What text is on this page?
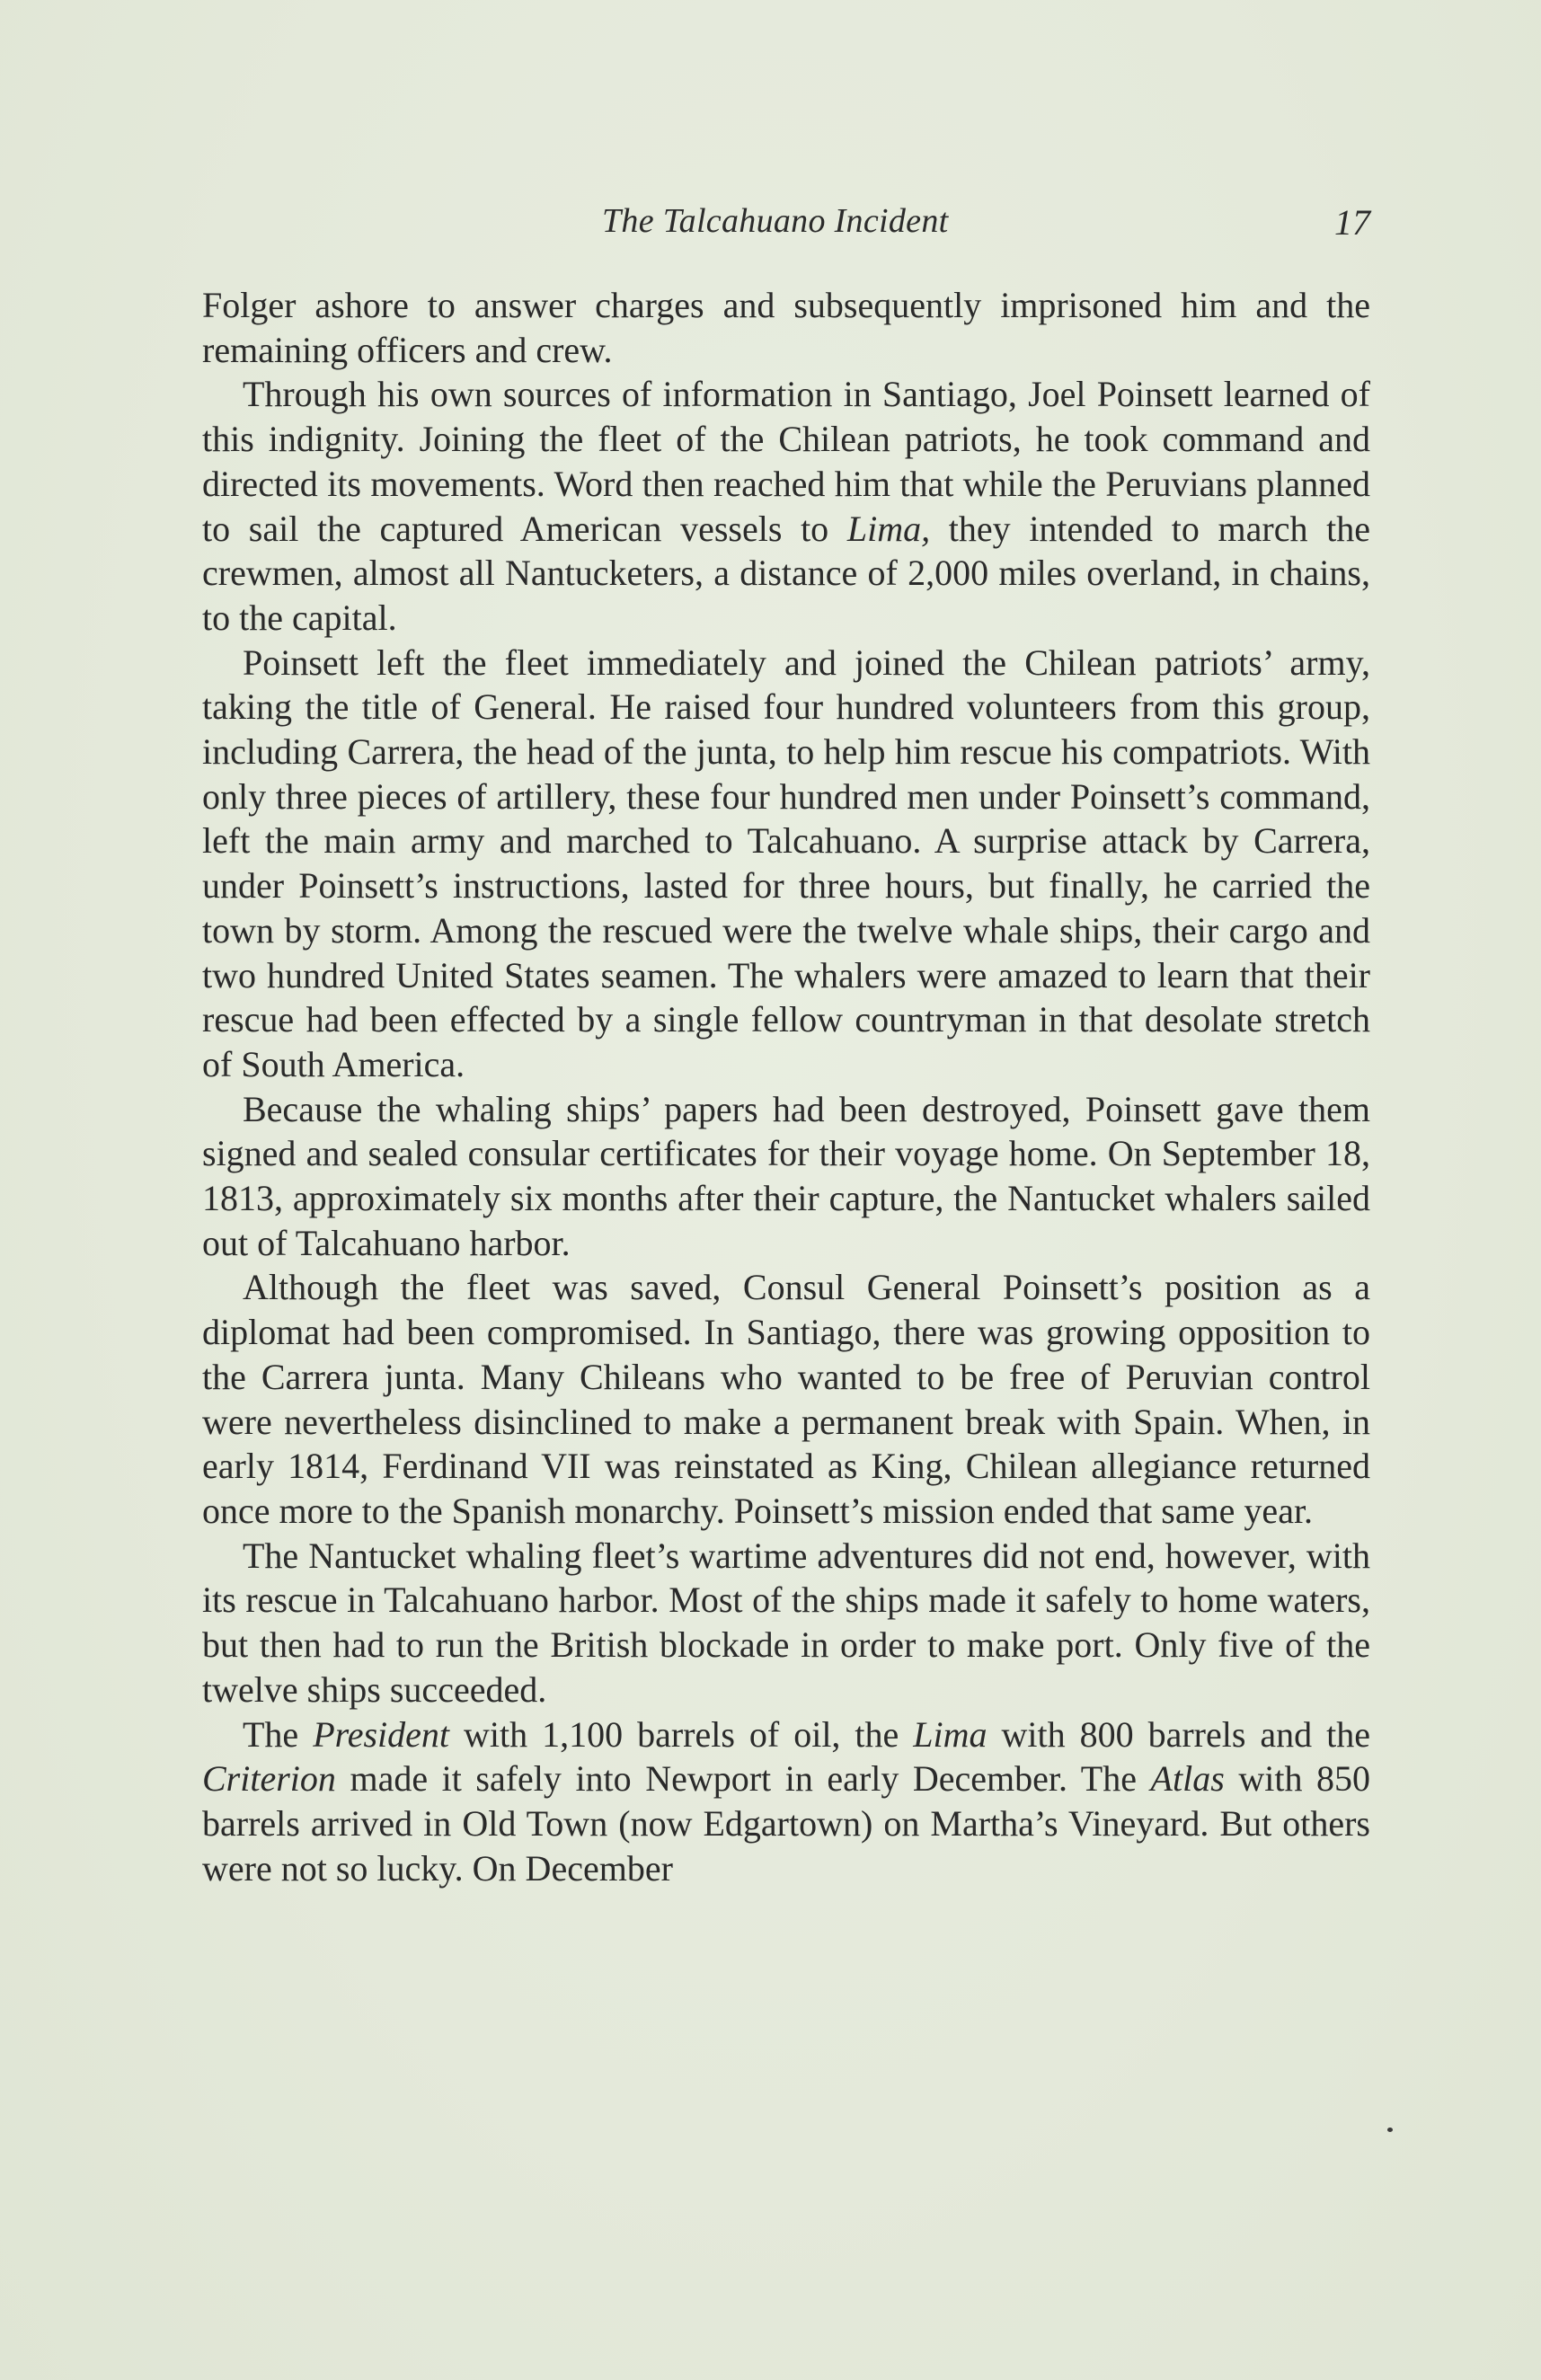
The Talcahuano Incident	17

Folger ashore to answer charges and subsequently imprisoned him and the remaining officers and crew.

Through his own sources of information in Santiago, Joel Poinsett learned of this indignity. Joining the fleet of the Chilean patriots, he took command and directed its movements. Word then reached him that while the Peruvians planned to sail the captured American vessels to Lima, they intended to march the crewmen, almost all Nantucketers, a distance of 2,000 miles overland, in chains, to the capital.

Poinsett left the fleet immediately and joined the Chilean patriots’ army, taking the title of General. He raised four hundred volunteers from this group, including Carrera, the head of the junta, to help him rescue his compatriots. With only three pieces of artillery, these four hundred men under Poinsett’s command, left the main army and marched to Talcahuano. A surprise attack by Carrera, under Poinsett’s instructions, lasted for three hours, but finally, he carried the town by storm. Among the rescued were the twelve whale ships, their cargo and two hundred United States seamen. The whalers were amazed to learn that their rescue had been effected by a single fellow countryman in that desolate stretch of South America.

Because the whaling ships’ papers had been destroyed, Poinsett gave them signed and sealed consular certificates for their voyage home. On September 18, 1813, approximately six months after their capture, the Nantucket whalers sailed out of Talcahuano harbor.

Although the fleet was saved, Consul General Poinsett’s position as a diplomat had been compromised. In Santiago, there was growing opposition to the Carrera junta. Many Chileans who wanted to be free of Peruvian control were nevertheless disinclined to make a permanent break with Spain. When, in early 1814, Ferdinand VII was reinstated as King, Chilean allegiance returned once more to the Spanish monarchy. Poinsett’s mission ended that same year.

The Nantucket whaling fleet’s wartime adventures did not end, however, with its rescue in Talcahuano harbor. Most of the ships made it safely to home waters, but then had to run the British blockade in order to make port. Only five of the twelve ships succeeded.

The President with 1,100 barrels of oil, the Lima with 800 barrels and the Criterion made it safely into Newport in early December. The Atlas with 850 barrels arrived in Old Town (now Edgartown) on Martha’s Vineyard. But others were not so lucky. On December
